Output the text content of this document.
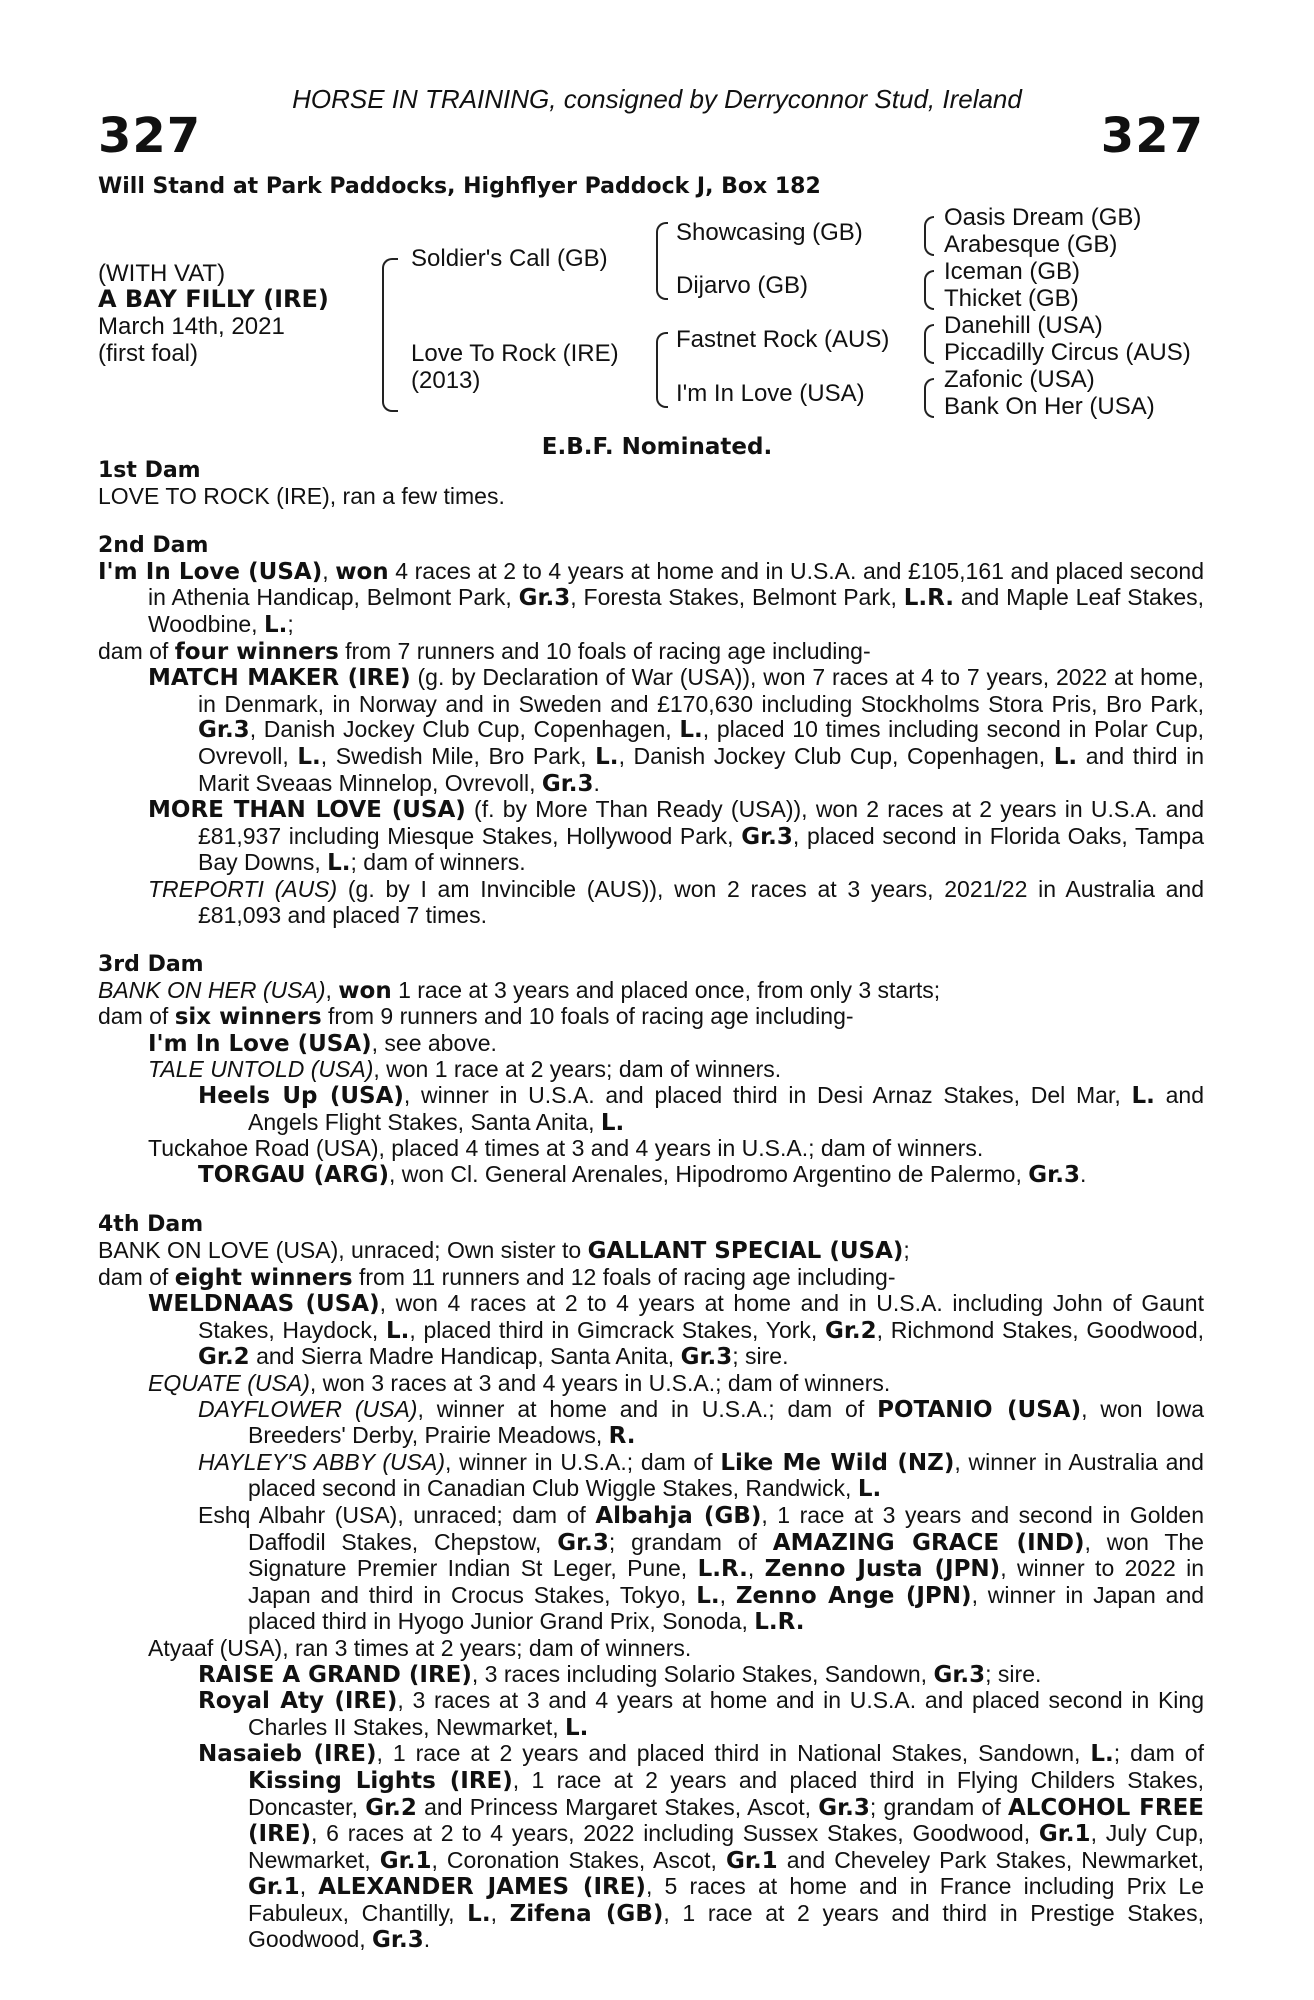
HORSE IN TRAINING, consigned by Derryconnor Stud, Ireland
327	327
Will Stand at Park Paddocks, Highflyer Paddock J, Box 182
(WITH VAT)
A BAY FILLY (IRE)
March 14th, 2021
(first foal)
Soldier's Call (GB)
Love To Rock (IRE)
(2013)
Showcasing (GB)
Dijarvo (GB)
Fastnet Rock (AUS)
I'm In Love (USA)
Oasis Dream (GB)
Arabesque (GB)
Iceman (GB)
Thicket (GB)
Danehill (USA)
Piccadilly Circus (AUS)
Zafonic (USA)
Bank On Her (USA)
E.B.F. Nominated.
1st Dam
LOVE TO ROCK (IRE), ran a few times.
2nd Dam
I'm In Love (USA), won 4 races at 2 to 4 years at home and in U.S.A. and £105,161 and placed second in Athenia Handicap, Belmont Park, Gr.3, Foresta Stakes, Belmont Park, L.R. and Maple Leaf Stakes, Woodbine, L.;
dam of four winners from 7 runners and 10 foals of racing age including-
MATCH MAKER (IRE) (g. by Declaration of War (USA)), won 7 races at 4 to 7 years, 2022 at home, in Denmark, in Norway and in Sweden and £170,630 including Stockholms Stora Pris, Bro Park, Gr.3, Danish Jockey Club Cup, Copenhagen, L., placed 10 times including second in Polar Cup, Ovrevoll, L., Swedish Mile, Bro Park, L., Danish Jockey Club Cup, Copenhagen, L. and third in Marit Sveaas Minnelop, Ovrevoll, Gr.3.
MORE THAN LOVE (USA) (f. by More Than Ready (USA)), won 2 races at 2 years in U.S.A. and £81,937 including Miesque Stakes, Hollywood Park, Gr.3, placed second in Florida Oaks, Tampa Bay Downs, L.; dam of winners.
TREPORTI (AUS) (g. by I am Invincible (AUS)), won 2 races at 3 years, 2021/22 in Australia and £81,093 and placed 7 times.
3rd Dam
BANK ON HER (USA), won 1 race at 3 years and placed once, from only 3 starts;
dam of six winners from 9 runners and 10 foals of racing age including-
I'm In Love (USA), see above.
TALE UNTOLD (USA), won 1 race at 2 years; dam of winners.
Heels Up (USA), winner in U.S.A. and placed third in Desi Arnaz Stakes, Del Mar, L. and Angels Flight Stakes, Santa Anita, L.
Tuckahoe Road (USA), placed 4 times at 3 and 4 years in U.S.A.; dam of winners.
TORGAU (ARG), won Cl. General Arenales, Hipodromo Argentino de Palermo, Gr.3.
4th Dam
BANK ON LOVE (USA), unraced; Own sister to GALLANT SPECIAL (USA);
dam of eight winners from 11 runners and 12 foals of racing age including-
WELDNAAS (USA), won 4 races at 2 to 4 years at home and in U.S.A. including John of Gaunt Stakes, Haydock, L., placed third in Gimcrack Stakes, York, Gr.2, Richmond Stakes, Goodwood, Gr.2 and Sierra Madre Handicap, Santa Anita, Gr.3; sire.
EQUATE (USA), won 3 races at 3 and 4 years in U.S.A.; dam of winners.
DAYFLOWER (USA), winner at home and in U.S.A.; dam of POTANIO (USA), won Iowa Breeders' Derby, Prairie Meadows, R.
HAYLEY'S ABBY (USA), winner in U.S.A.; dam of Like Me Wild (NZ), winner in Australia and placed second in Canadian Club Wiggle Stakes, Randwick, L.
Eshq Albahr (USA), unraced; dam of Albahja (GB), 1 race at 3 years and second in Golden Daffodil Stakes, Chepstow, Gr.3; grandam of AMAZING GRACE (IND), won The Signature Premier Indian St Leger, Pune, L.R., Zenno Justa (JPN), winner to 2022 in Japan and third in Crocus Stakes, Tokyo, L., Zenno Ange (JPN), winner in Japan and placed third in Hyogo Junior Grand Prix, Sonoda, L.R.
Atyaaf (USA), ran 3 times at 2 years; dam of winners.
RAISE A GRAND (IRE), 3 races including Solario Stakes, Sandown, Gr.3; sire.
Royal Aty (IRE), 3 races at 3 and 4 years at home and in U.S.A. and placed second in King Charles II Stakes, Newmarket, L.
Nasaieb (IRE), 1 race at 2 years and placed third in National Stakes, Sandown, L.; dam of Kissing Lights (IRE), 1 race at 2 years and placed third in Flying Childers Stakes, Doncaster, Gr.2 and Princess Margaret Stakes, Ascot, Gr.3; grandam of ALCOHOL FREE (IRE), 6 races at 2 to 4 years, 2022 including Sussex Stakes, Goodwood, Gr.1, July Cup, Newmarket, Gr.1, Coronation Stakes, Ascot, Gr.1 and Cheveley Park Stakes, Newmarket, Gr.1, ALEXANDER JAMES (IRE), 5 races at home and in France including Prix Le Fabuleux, Chantilly, L., Zifena (GB), 1 race at 2 years and third in Prestige Stakes, Goodwood, Gr.3.
